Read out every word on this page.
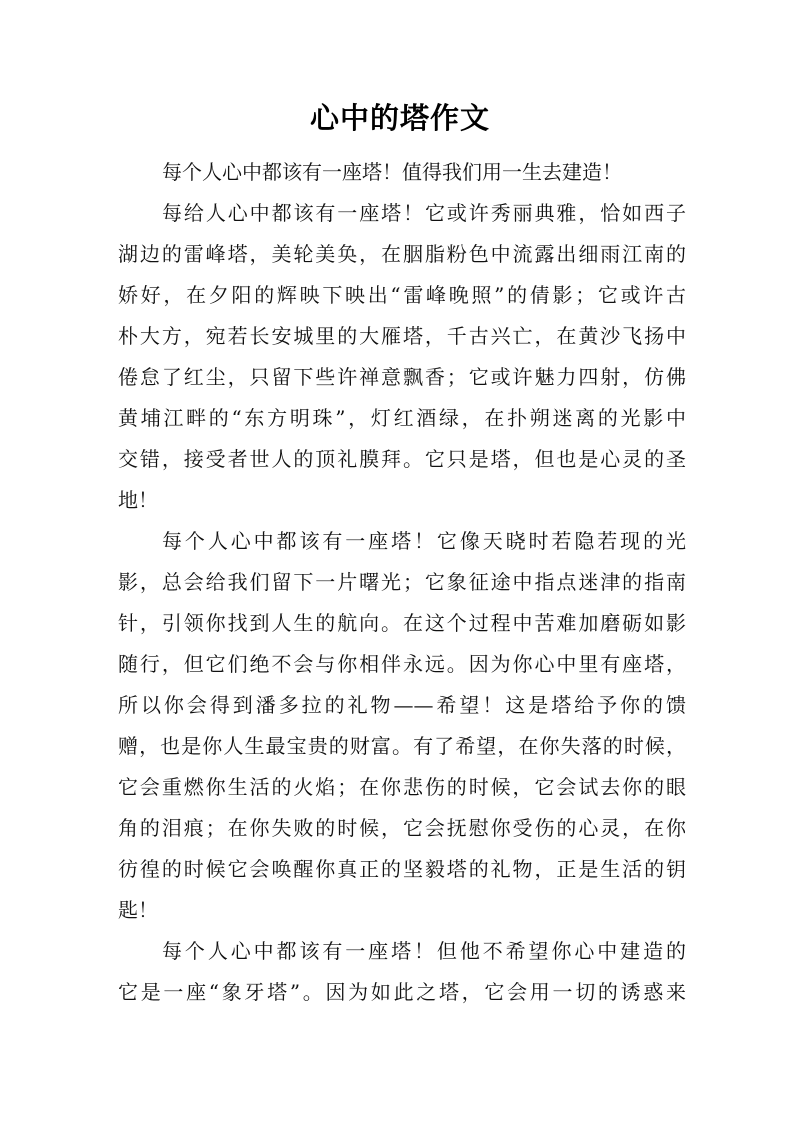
心中的塔作文
每个人心中都该有一座塔！值得我们用一生去建造！
每给人心中都该有一座塔！它或许秀丽典雅，恰如西子
湖边的雷峰塔，美轮美奂，在胭脂粉色中流露出细雨江南的
娇好，在夕阳的辉映下映出“雷峰晚照”的倩影；它或许古
朴大方，宛若长安城里的大雁塔，千古兴亡，在黄沙飞扬中
倦怠了红尘，只留下些许禅意飘香；它或许魅力四射，仿佛
黄埔江畔的“东方明珠”，灯红酒绿，在扑朔迷离的光影中
交错，接受者世人的顶礼膜拜。它只是塔，但也是心灵的圣
地！
每个人心中都该有一座塔！它像天晓时若隐若现的光
影，总会给我们留下一片曙光；它象征途中指点迷津的指南
针，引领你找到人生的航向。在这个过程中苦难加磨砺如影
随行，但它们绝不会与你相伴永远。因为你心中里有座塔，
所以你会得到潘多拉的礼物——希望！这是塔给予你的馈
赠，也是你人生最宝贵的财富。有了希望，在你失落的时候，
它会重燃你生活的火焰；在你悲伤的时候，它会试去你的眼
角的泪痕；在你失败的时候，它会抚慰你受伤的心灵，在你
彷徨的时候它会唤醒你真正的坚毅塔的礼物，正是生活的钥
匙！
每个人心中都该有一座塔！但他不希望你心中建造的
它是一座“象牙塔”。因为如此之塔，它会用一切的诱惑来
